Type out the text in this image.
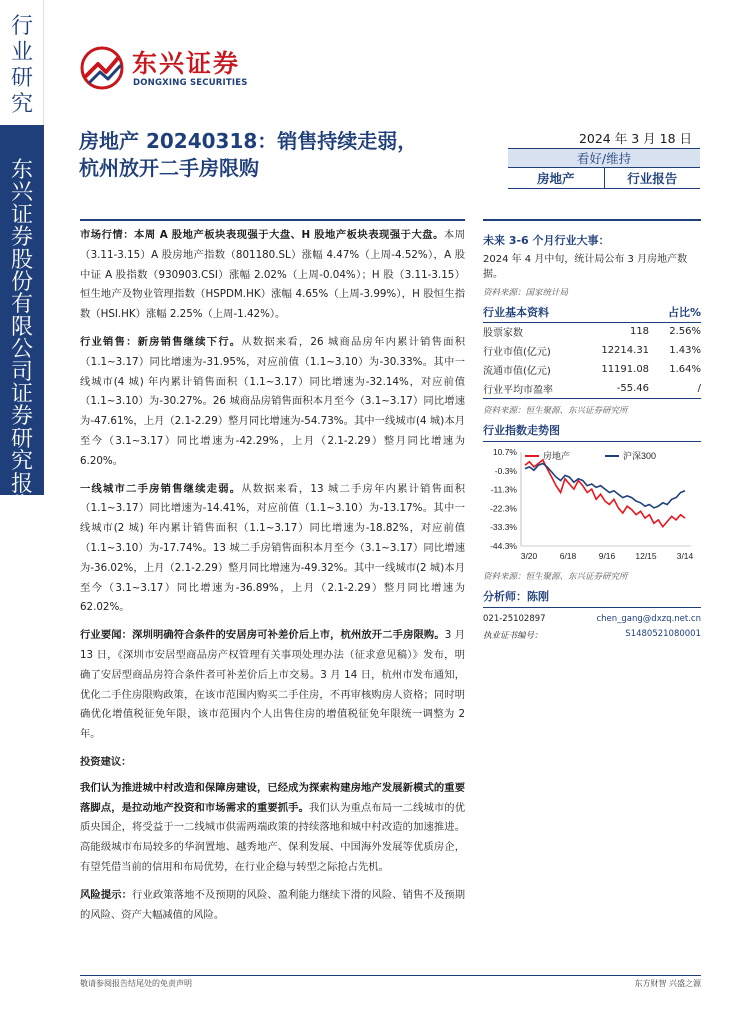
行业研究
东兴证券股份有限公司证券研究报告
东兴证券
DONGXING SECURITIES
房地产 20240318：销售持续走弱，
杭州放开二手房限购
2024 年 3 月 18 日
看好/维持
房地产	行业报告

市场行情：本周 A 股地产板块表现强于大盘、H 股地产板块表现强于大盘。本周（3.11-3.15）A 股房地产指数（801180.SL）涨幅 4.47%（上周-4.52%），A 股中证 A 股指数（930903.CSI）涨幅 2.02%（上周-0.04%）；H 股（3.11-3.15）恒生地产及物业管理指数（HSPDM.HK）涨幅 4.65%（上周-3.99%），H 股恒生指数（HSI.HK）涨幅 2.25%（上周-1.42%）。

行业销售：新房销售继续下行。从数据来看，26 城商品房年内累计销售面积（1.1~3.17）同比增速为-31.95%，对应前值（1.1~3.10）为-30.33%。其中一线城市(4 城) 年内累计销售面积（1.1~3.17）同比增速为-32.14%，对应前值（1.1~3.10）为-30.27%。26 城商品房销售面积本月至今（3.1~3.17）同比增速为-47.61%，上月（2.1-2.29）整月同比增速为-54.73%。其中一线城市(4 城)本月至今（3.1~3.17）同比增速为-42.29%，上月（2.1-2.29）整月同比增速为 6.20%。

一线城市二手房销售继续走弱。从数据来看，13 城二手房年内累计销售面积（1.1~3.17）同比增速为-14.41%，对应前值（1.1~3.10）为-13.17%。其中一线城市(2 城) 年内累计销售面积（1.1~3.17）同比增速为-18.82%，对应前值（1.1~3.10）为-17.74%。13 城二手房销售面积本月至今（3.1~3.17）同比增速为-36.02%，上月（2.1-2.29）整月同比增速为-49.32%。其中一线城市(2 城)本月至今（3.1~3.17）同比增速为-36.89%，上月（2.1-2.29）整月同比增速为 62.02%。

行业要闻：深圳明确符合条件的安居房可补差价后上市，杭州放开二手房限购。3 月 13 日，《深圳市安居型商品房产权管理有关事项处理办法（征求意见稿）》发布，明确了安居型商品房符合条件者可补差价后上市交易。3 月 14 日，杭州市发布通知，优化二手住房限购政策，在该市范围内购买二手住房，不再审核购房人资格；同时明确优化增值税征免年限，该市范围内个人出售住房的增值税征免年限统一调整为 2 年。

投资建议：

我们认为推进城中村改造和保障房建设，已经成为探索构建房地产发展新模式的重要落脚点，是拉动地产投资和市场需求的重要抓手。我们认为重点布局一二线城市的优质央国企，将受益于一二线城市供需两端政策的持续落地和城中村改造的加速推进。高能级城市布局较多的华润置地、越秀地产、保利发展、中国海外发展等优质房企，有望凭借当前的信用和布局优势，在行业企稳与转型之际抢占先机。

风险提示：行业政策落地不及预期的风险、盈利能力继续下滑的风险、销售不及预期的风险、资产大幅减值的风险。

未来 3-6 个月行业大事：
2024 年 4 月中旬，统计局公布 3 月房地产数据。
资料来源：国家统计局
行业基本资料		占比%
股票家数	118	2.56%
行业市值(亿元)	12214.31	1.43%
流通市值(亿元)	11191.08	1.64%
行业平均市盈率	-55.46	/
资料来源：恒生聚源、东兴证券研究所
行业指数走势图
10.7%
-0.3%
-11.3%
-22.3%
-33.3%
-44.3%
3/20	6/18	9/16 12/15 3/14
房地产	沪深300
资料来源：恒生聚源、东兴证券研究所
分析师：陈刚
021-25102897	chen_gang@dxzq.net.cn
执业证书编号：	S1480521080001
敬请参阅报告结尾处的免责声明	东方财智 兴盛之源
